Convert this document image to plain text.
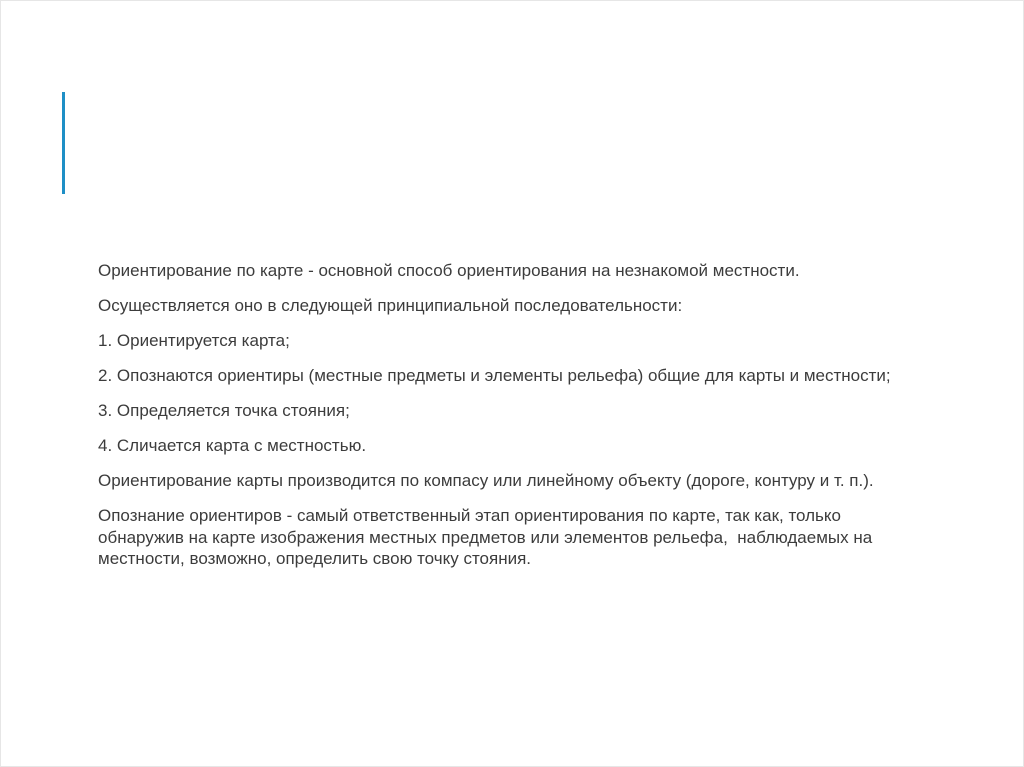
Ориентирование по карте - основной способ ориентирования на незнакомой местности.

Осуществляется оно в следующей принципиальной последовательности:

1. Ориентируется карта;

2. Опознаются ориентиры (местные предметы и элементы рельефа) общие для карты и местности;

3. Определяется точка стояния;

4. Сличается карта с местностью.

Ориентирование карты производится по компасу или линейному объекту (дороге, контуру и т. п.).

Опознание ориентиров - самый ответственный этап ориентирования по карте, так как, только обнаружив на карте изображения местных предметов или элементов рельефа,  наблюдаемых на местности, возможно, определить свою точку стояния.
